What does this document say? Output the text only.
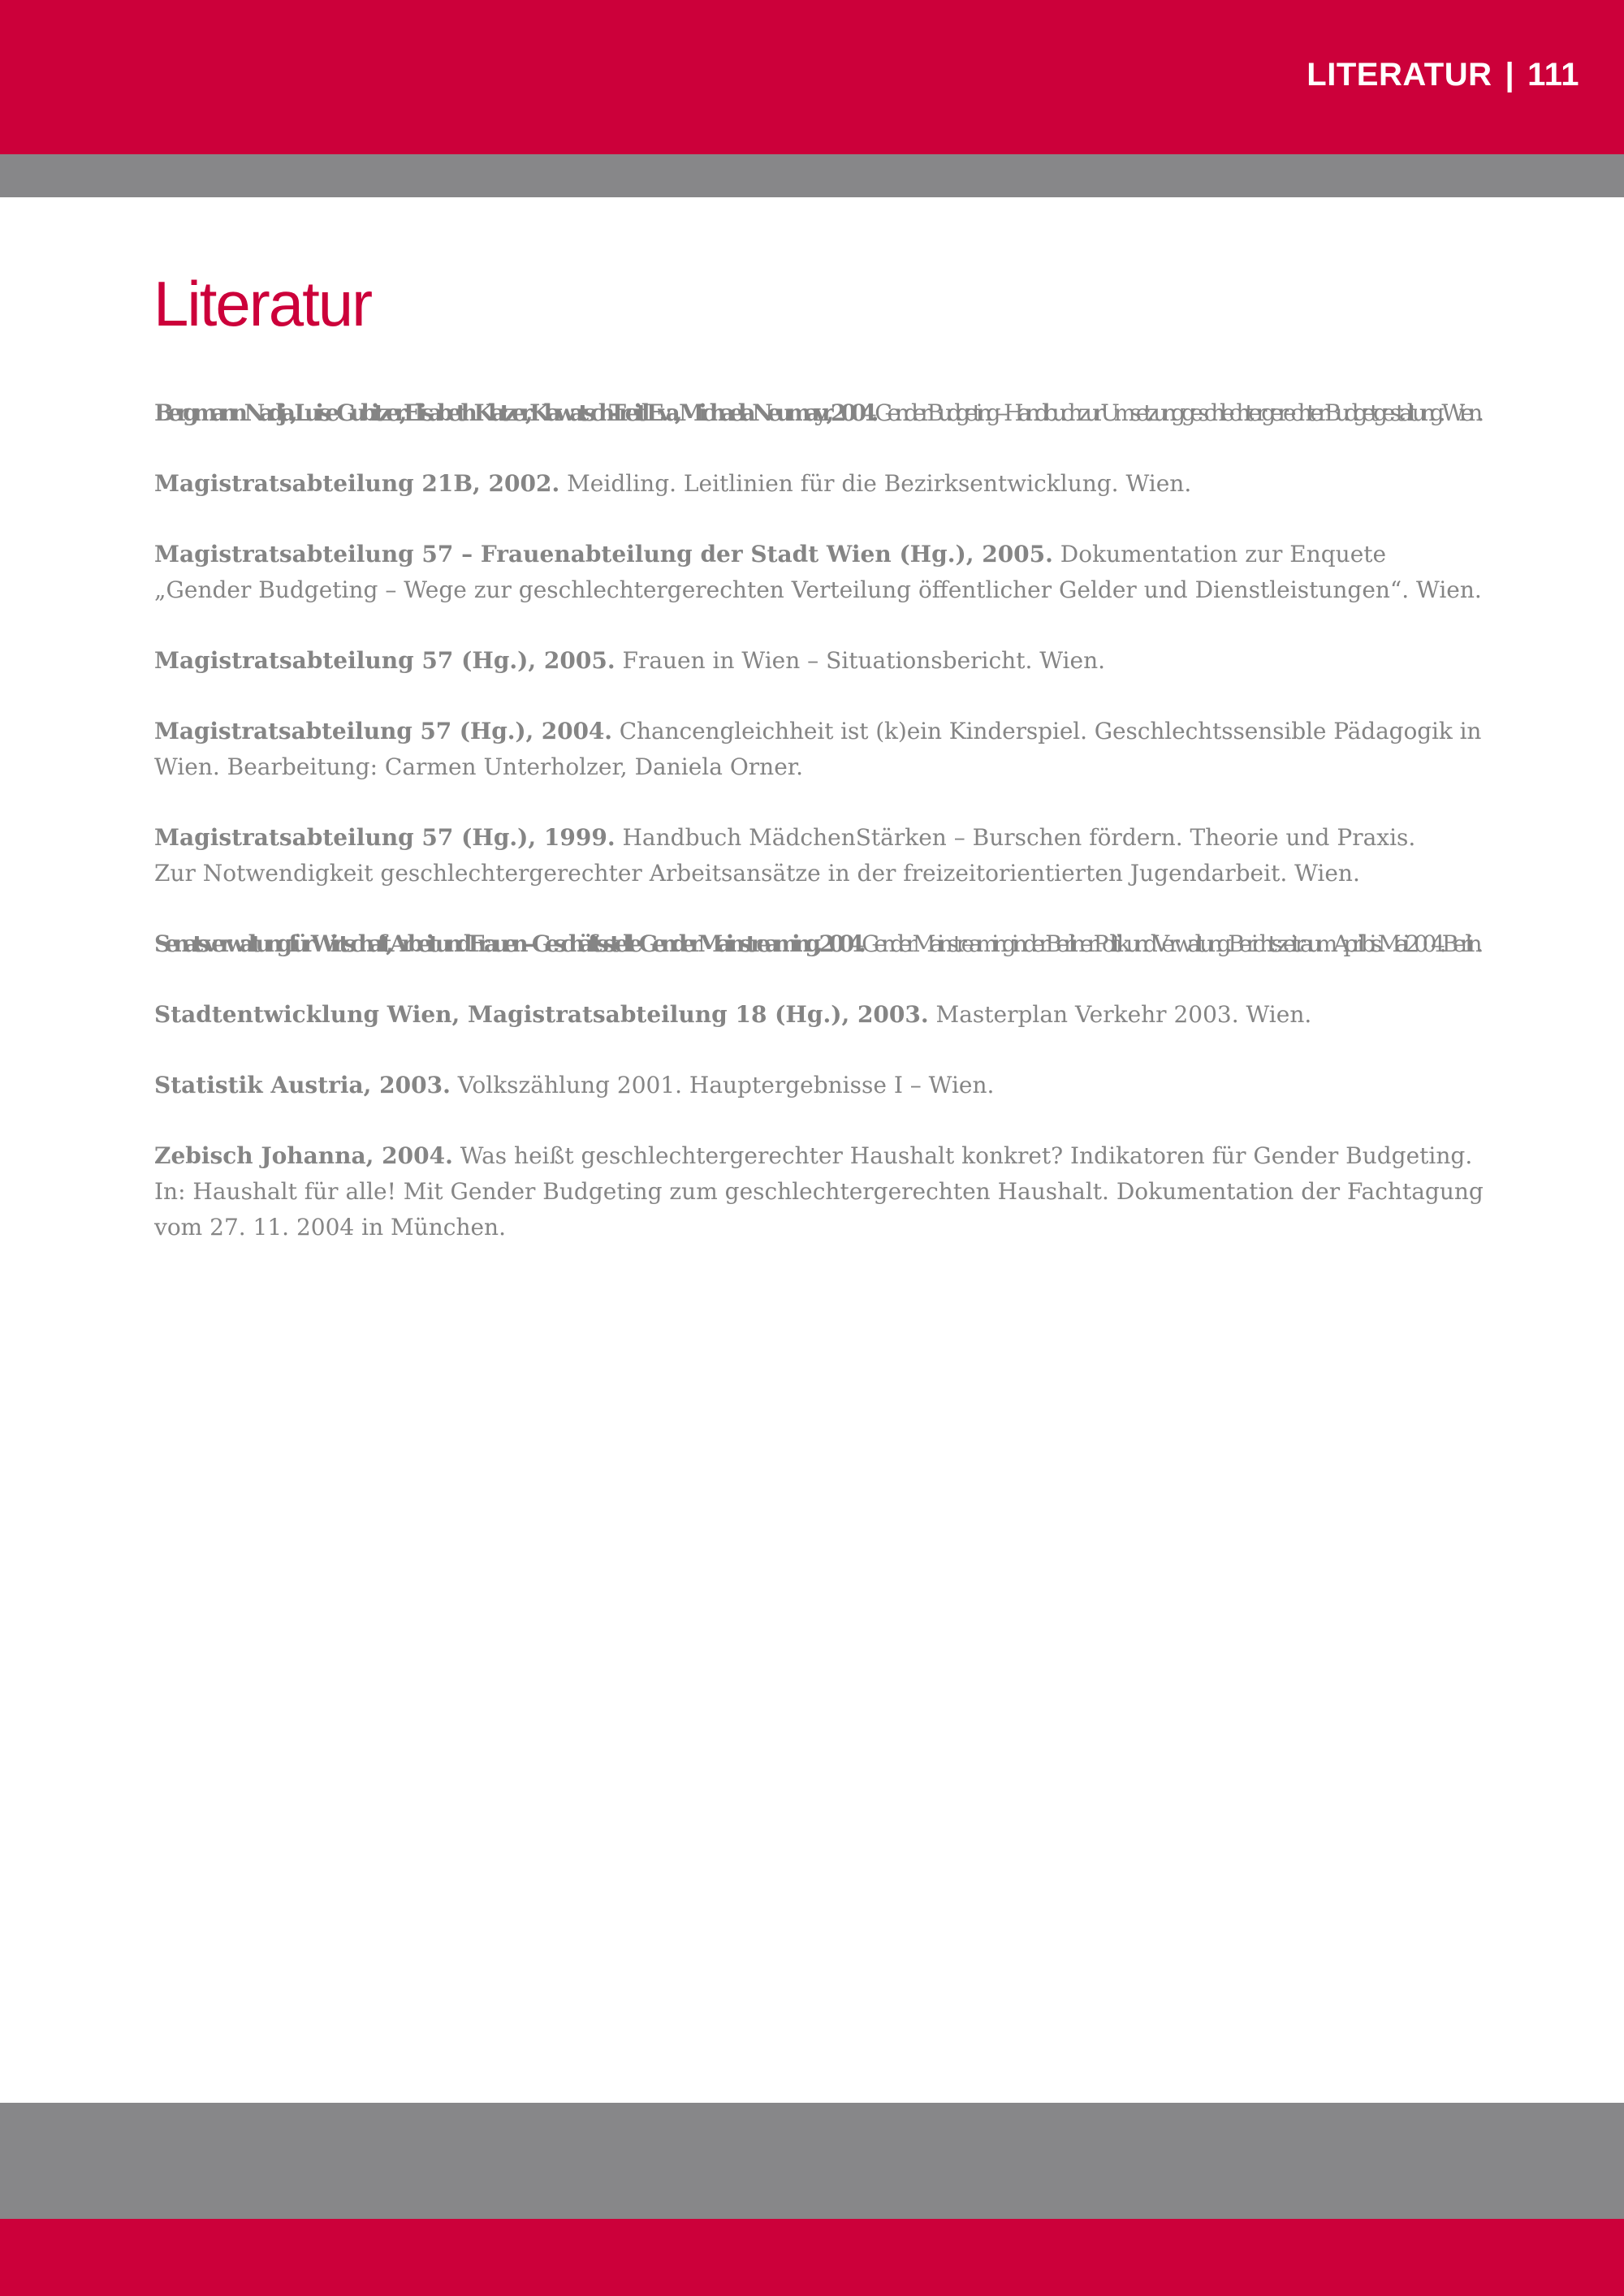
LITERATUR | 111
Literatur
Bergmann Nadja, Luise Gubitzer, Elisabeth Klatzer, Klawatsch-Treitl Eva, Michaela Neumayr, 2004. Gender Budgeting – Handbuch zur Umsetzung geschlechtergerechter Budgetgestaltung. Wien.
Magistratsabteilung 21B, 2002. Meidling. Leitlinien für die Bezirksentwicklung. Wien.
Magistratsabteilung 57 – Frauenabteilung der Stadt Wien (Hg.), 2005. Dokumentation zur Enquete
„Gender Budgeting – Wege zur geschlechtergerechten Verteilung öffentlicher Gelder und Dienstleistungen“. Wien.
Magistratsabteilung 57 (Hg.), 2005. Frauen in Wien – Situationsbericht. Wien.
Magistratsabteilung 57 (Hg.), 2004. Chancengleichheit ist (k)ein Kinderspiel. Geschlechtssensible Pädagogik in
Wien. Bearbeitung: Carmen Unterholzer, Daniela Orner.
Magistratsabteilung 57 (Hg.), 1999. Handbuch MädchenStärken – Burschen fördern. Theorie und Praxis.
Zur Notwendigkeit geschlechtergerechter Arbeitsansätze in der freizeitorientierten Jugendarbeit. Wien.
Senatsverwaltung für Wirtschaft, Arbeit und Frauen – Geschäftsstelle Gender Mainstreaming, 2004. Gender Mainstreaming in der Berliner Politik und Verwaltung. Berichtszeitraum April bis Mai 2004. Berlin.
Stadtentwicklung Wien, Magistratsabteilung 18 (Hg.), 2003. Masterplan Verkehr 2003. Wien.
Statistik Austria, 2003. Volkszählung 2001. Hauptergebnisse I – Wien.
Zebisch Johanna, 2004. Was heißt geschlechtergerechter Haushalt konkret? Indikatoren für Gender Budgeting.
In: Haushalt für alle! Mit Gender Budgeting zum geschlechtergerechten Haushalt. Dokumentation der Fachtagung
vom 27. 11. 2004 in München.
